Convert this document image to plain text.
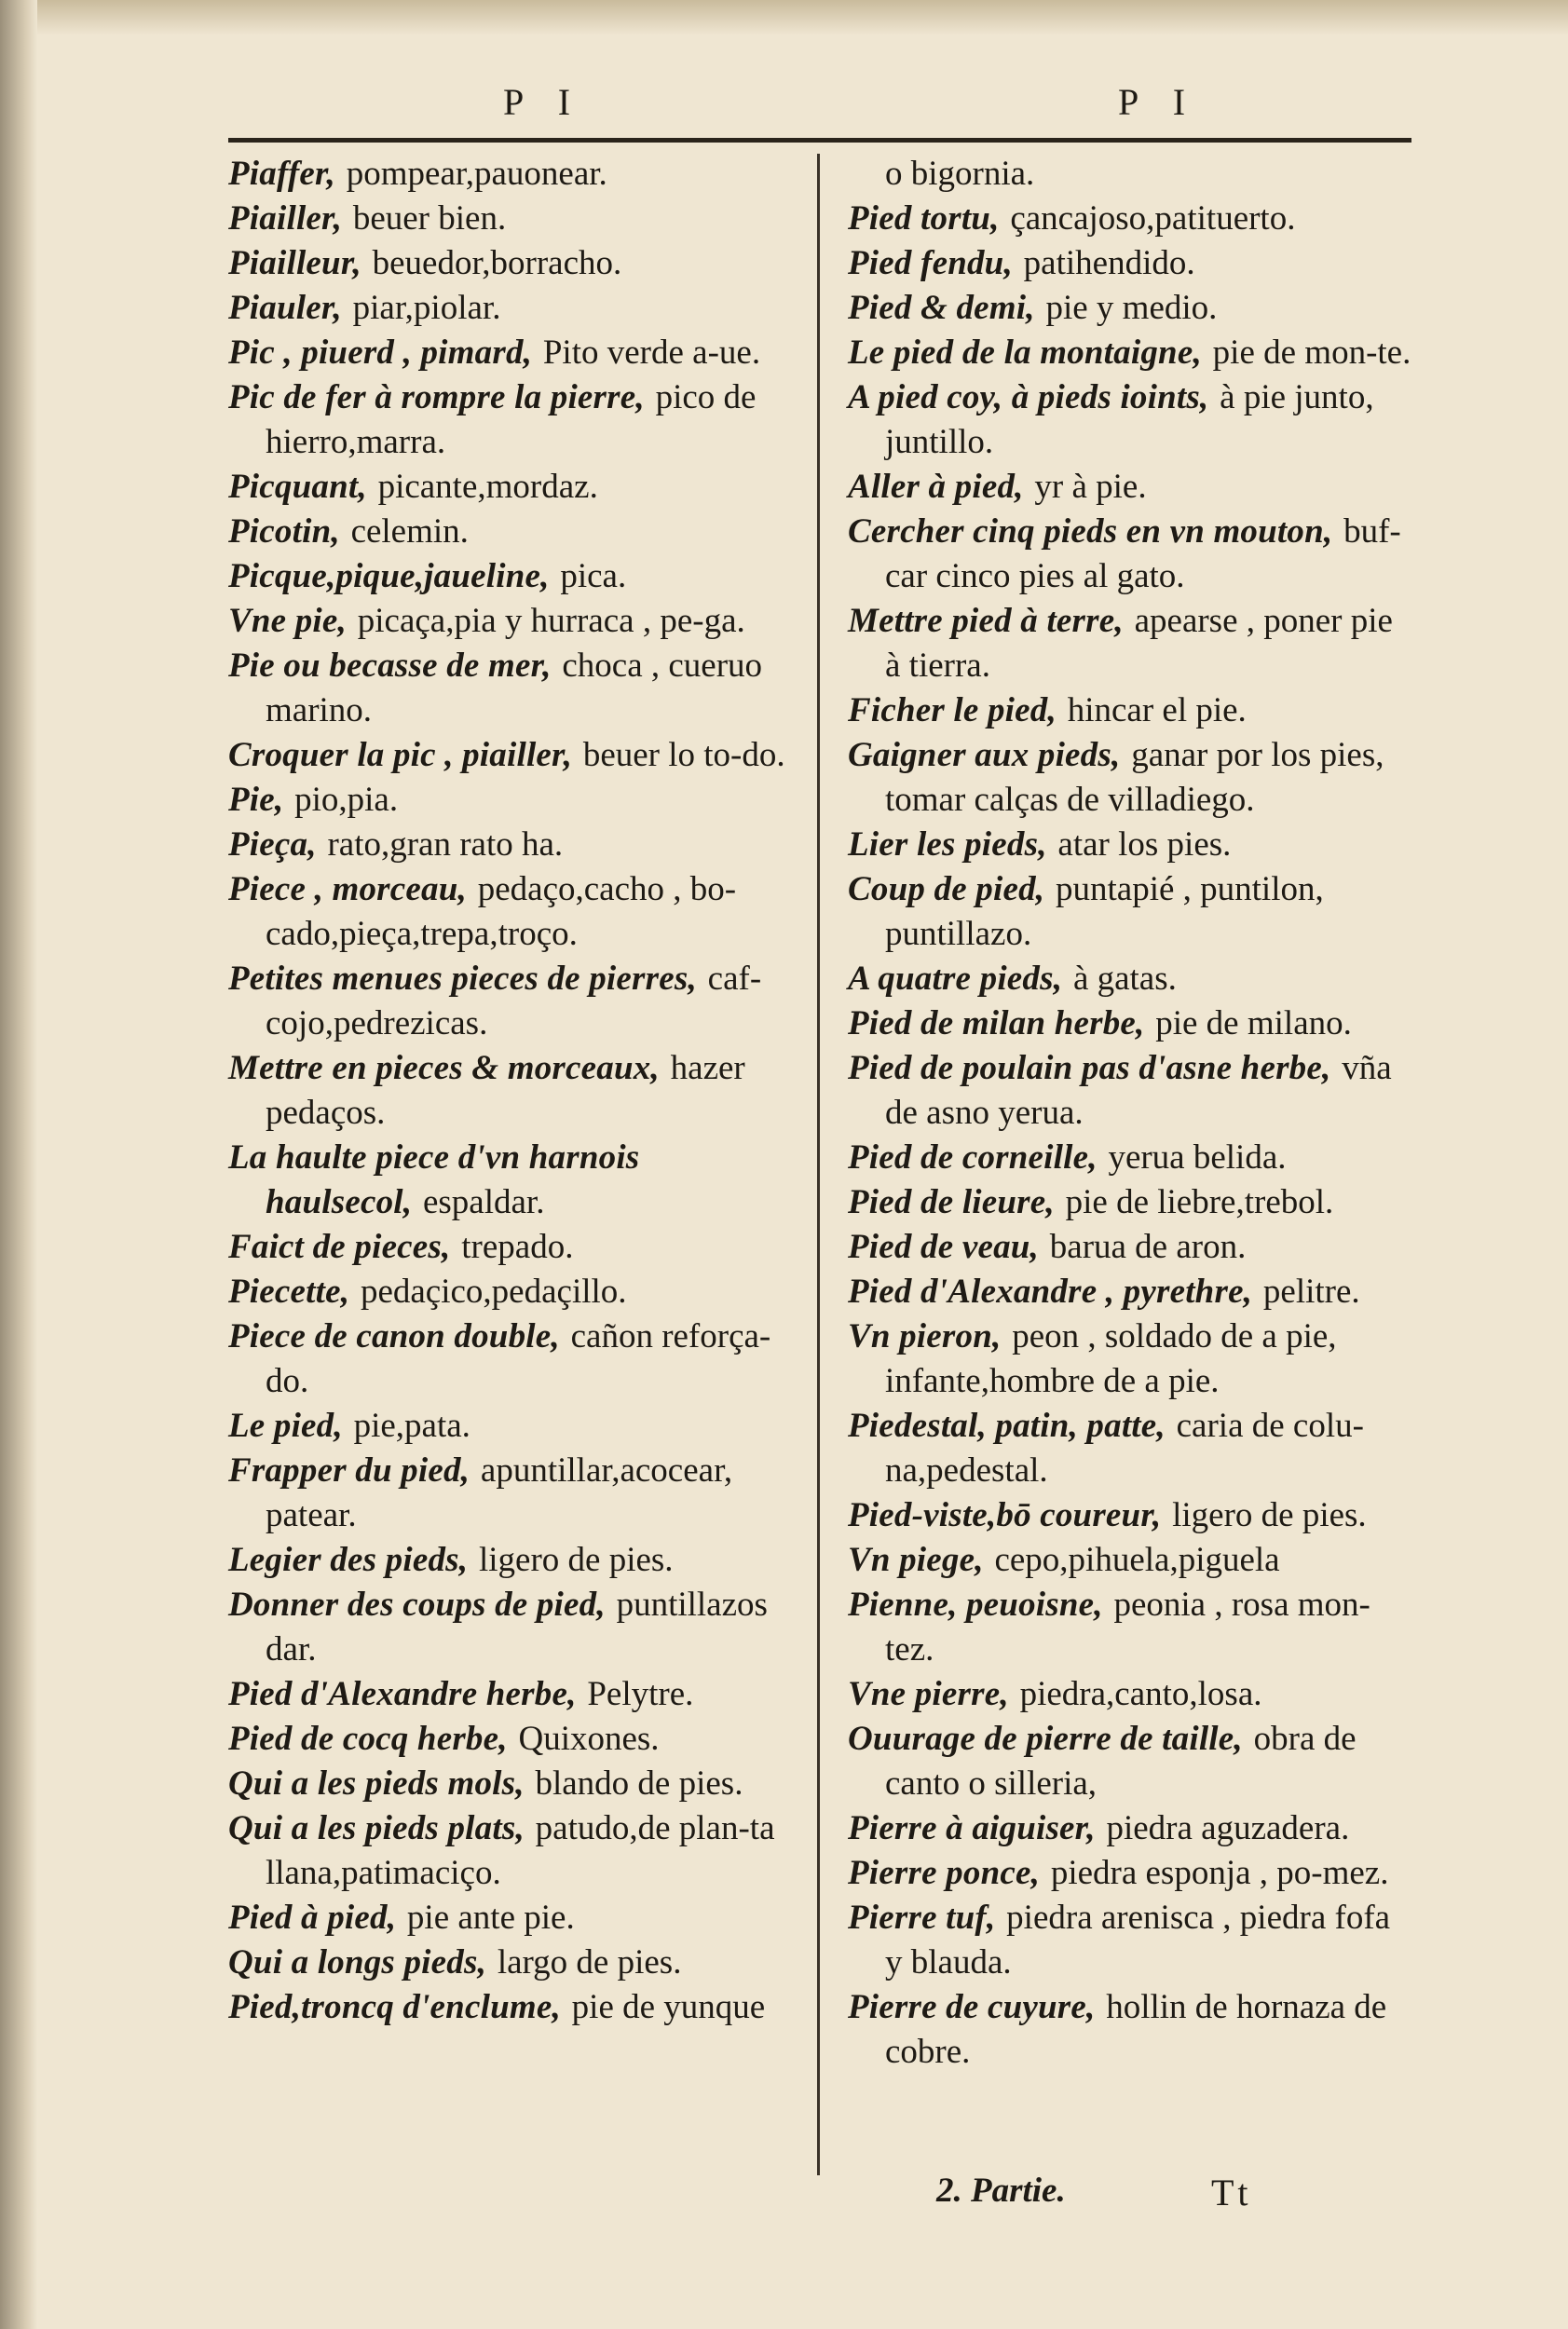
P I	P I

Piaffer, pompear,pauonear.

Piailler, beuer bien.

Piailleur, beuedor,borracho.

Piauler, piar,piolar.

Pic , piuerd , pimard, Pito verde a-ue.

Pic de fer à rompre la pierre, pico de hierro,marra.

Picquant, picante,mordaz.

Picotin, celemin.

Picque,pique,jaueline, pica.

Vne pie, picaça,pia y hurraca , pe-ga.

Pie ou becasse de mer, choca , cueruo marino.

Croquer la pic , piailler, beuer lo to-do.

Pie, pio,pia.

Pieça, rato,gran rato ha.

Piece , morceau, pedaço,cacho , bo-cado,pieça,trepa,troço.

Petites menues pieces de pierres, caf-cojo,pedrezicas.

Mettre en pieces & morceaux, hazer pedaços.

La haulte piece d'vn harnois haulsecol, espaldar.

Faict de pieces, trepado.

Piecette, pedaçico,pedaçillo.

Piece de canon double, cañon reforça-do.

Le pied, pie,pata.

Frapper du pied, apuntillar,acocear, patear.

Legier des pieds, ligero de pies.

Donner des coups de pied, puntillazos dar.

Pied d'Alexandre herbe, Pelytre.

Pied de cocq herbe, Quixones.

Qui a les pieds mols, blando de pies.

Qui a les pieds plats, patudo,de plan-ta llana,patimaciço.

Pied à pied, pie ante pie.

Qui a longs pieds, largo de pies.

Pied,troncq d'enclume, pie de yunque

o bigornia.

Pied tortu, çancajoso,patituerto.

Pied fendu, patihendido.

Pied & demi, pie y medio.

Le pied de la montaigne, pie de mon-te.

A pied coy, à pieds ioints, à pie junto, juntillo.

Aller à pied, yr à pie.

Cercher cinq pieds en vn mouton, buf-car cinco pies al gato.

Mettre pied à terre, apearse , poner pie à tierra.

Ficher le pied, hincar el pie.

Gaigner aux pieds, ganar por los pies, tomar calças de villadiego.

Lier les pieds, atar los pies.

Coup de pied, puntapié , puntilon, puntillazo.

A quatre pieds, à gatas.

Pied de milan herbe, pie de milano.

Pied de poulain pas d'asne herbe, vña de asno yerua.

Pied de corneille, yerua belida.

Pied de lieure, pie de liebre,trebol.

Pied de veau, barua de aron.

Pied d'Alexandre , pyrethre, pelitre.

Vn pieron, peon , soldado de a pie, infante,hombre de a pie.

Piedestal, patin, patte, caria de colu-na,pedestal.

Pied-viste,bō coureur, ligero de pies.

Vn piege, cepo,pihuela,piguela

Pienne, peuoisne, peonia , rosa mon-tez.

Vne pierre, piedra,canto,losa.

Ouurage de pierre de taille, obra de canto o silleria,

Pierre à aiguiser, piedra aguzadera.

Pierre ponce, piedra esponja , po-mez.

Pierre tuf, piedra arenisca , piedra fofa y blauda.

Pierre de cuyure, hollin de hornaza de cobre.

2. Partie.	Tt
